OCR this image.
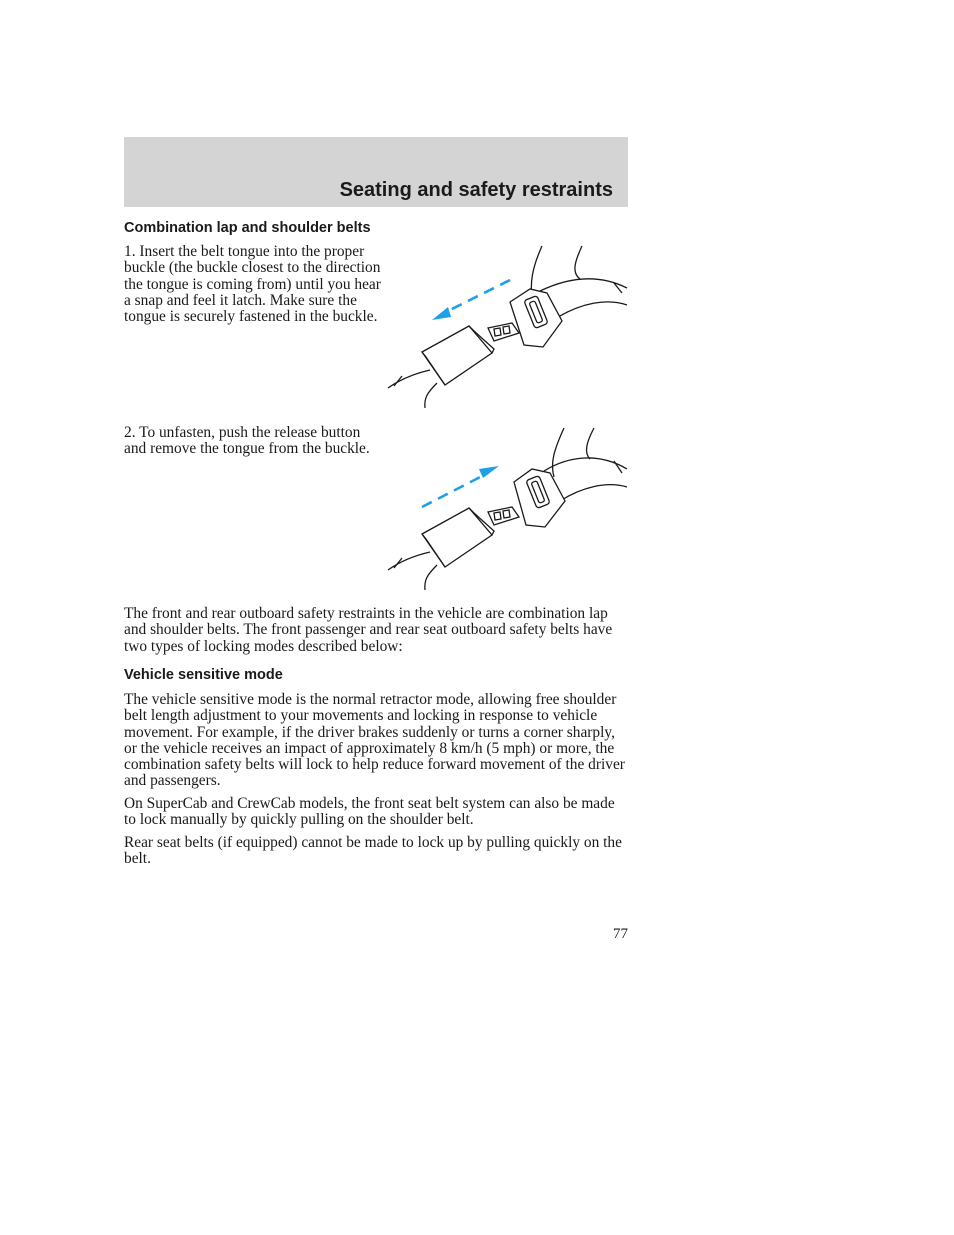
Seating and safety restraints
Combination lap and shoulder belts

1. Insert the belt tongue into the proper buckle (the buckle closest to the direction the tongue is coming from) until you hear a snap and feel it latch. Make sure the tongue is securely fastened in the buckle.

2. To unfasten, push the release button and remove the tongue from the buckle.

The front and rear outboard safety restraints in the vehicle are combination lap and shoulder belts. The front passenger and rear seat outboard safety belts have two types of locking modes described below:

Vehicle sensitive mode

The vehicle sensitive mode is the normal retractor mode, allowing free shoulder belt length adjustment to your movements and locking in response to vehicle movement. For example, if the driver brakes suddenly or turns a corner sharply, or the vehicle receives an impact of approximately 8 km/h (5 mph) or more, the combination safety belts will lock to help reduce forward movement of the driver and passengers.

On SuperCab and CrewCab models, the front seat belt system can also be made to lock manually by quickly pulling on the shoulder belt.

Rear seat belts (if equipped) cannot be made to lock up by pulling quickly on the belt.

77
